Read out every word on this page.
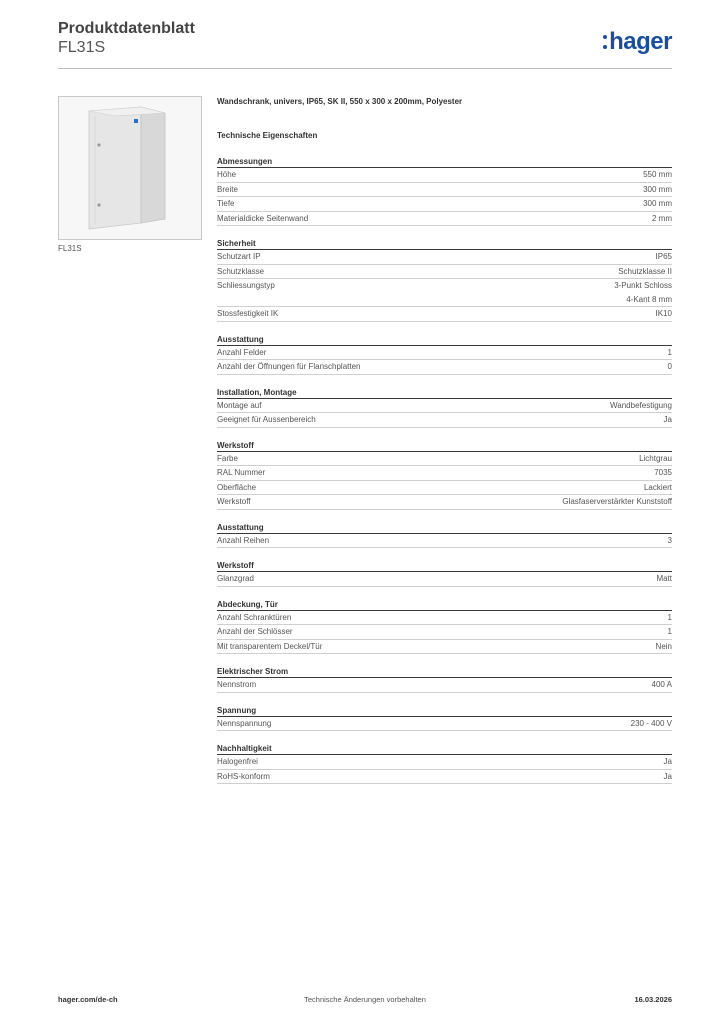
Produktdatenblatt
FL31S	hager
FL31S
Wandschrank, univers, IP65, SK II, 550 x 300 x 200mm, Polyester
Technische Eigenschaften
Abmessungen
Höhe	550 mm
Breite	300 mm
Tiefe	300 mm
Materialdicke Seitenwand	2 mm
Sicherheit
Schutzart IP	IP65
Schutzklasse	Schutzklasse II
Schliessungstyp	3-Punkt Schloss
4-Kant 8 mm
Stossfestigkeit IK	IK10
Ausstattung
Anzahl Felder	1
Anzahl der Öffnungen für Flanschplatten	0
Installation, Montage
Montage auf	Wandbefestigung
Geeignet für Aussenbereich	Ja
Werkstoff
Farbe	Lichtgrau
RAL Nummer	7035
Oberfläche	Lackiert
Werkstoff	Glasfaserverstärkter Kunststoff
Ausstattung
Anzahl Reihen	3
Werkstoff
Glanzgrad	Matt
Abdeckung, Tür
Anzahl Schranktüren	1
Anzahl der Schlösser	1
Mit transparentem Deckel/Tür	Nein
Elektrischer Strom
Nennstrom	400 A
Spannung
Nennspannung	230 - 400 V
Nachhaltigkeit
Halogenfrei	Ja
RoHS-konform	Ja
hager.com/de-ch	Technische Änderungen vorbehalten	16.03.2026
